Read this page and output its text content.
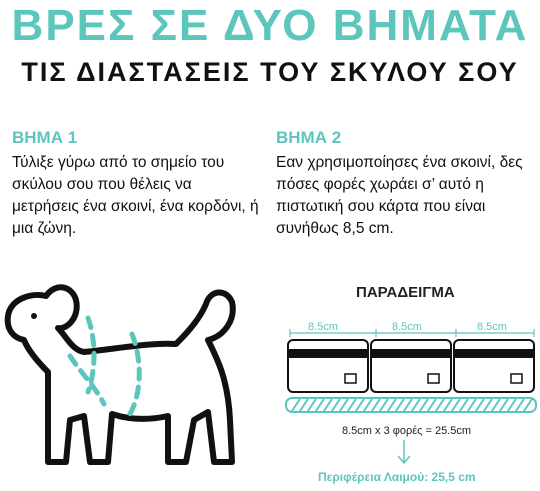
ΒΡΕΣ ΣΕ ΔΥΟ ΒΗΜΑΤΑ
ΤΙΣ ΔΙΑΣΤΑΣΕΙΣ ΤΟΥ ΣΚΥΛΟΥ ΣΟΥ
ΒΗΜΑ 1
Τύλιξε γύρω από το σημείο του σκύλου σου που θέλεις να μετρήσεις ένα σκοινί, ένα κορδόνι, ή μια ζώνη.
ΒΗΜΑ 2
Εαν χρησιμοποίησες ένα σκοινί, δες πόσες φορές χωράει σ’ αυτό η πιστωτική σου κάρτα που είναι συνήθως 8,5 cm.
ΠΑΡΑΔΕΙΓΜΑ
8.5cm	8.5cm	8.5cm
8.5cm x 3 φορές = 25.5cm
Περιφέρεια Λαιμού: 25,5 cm
